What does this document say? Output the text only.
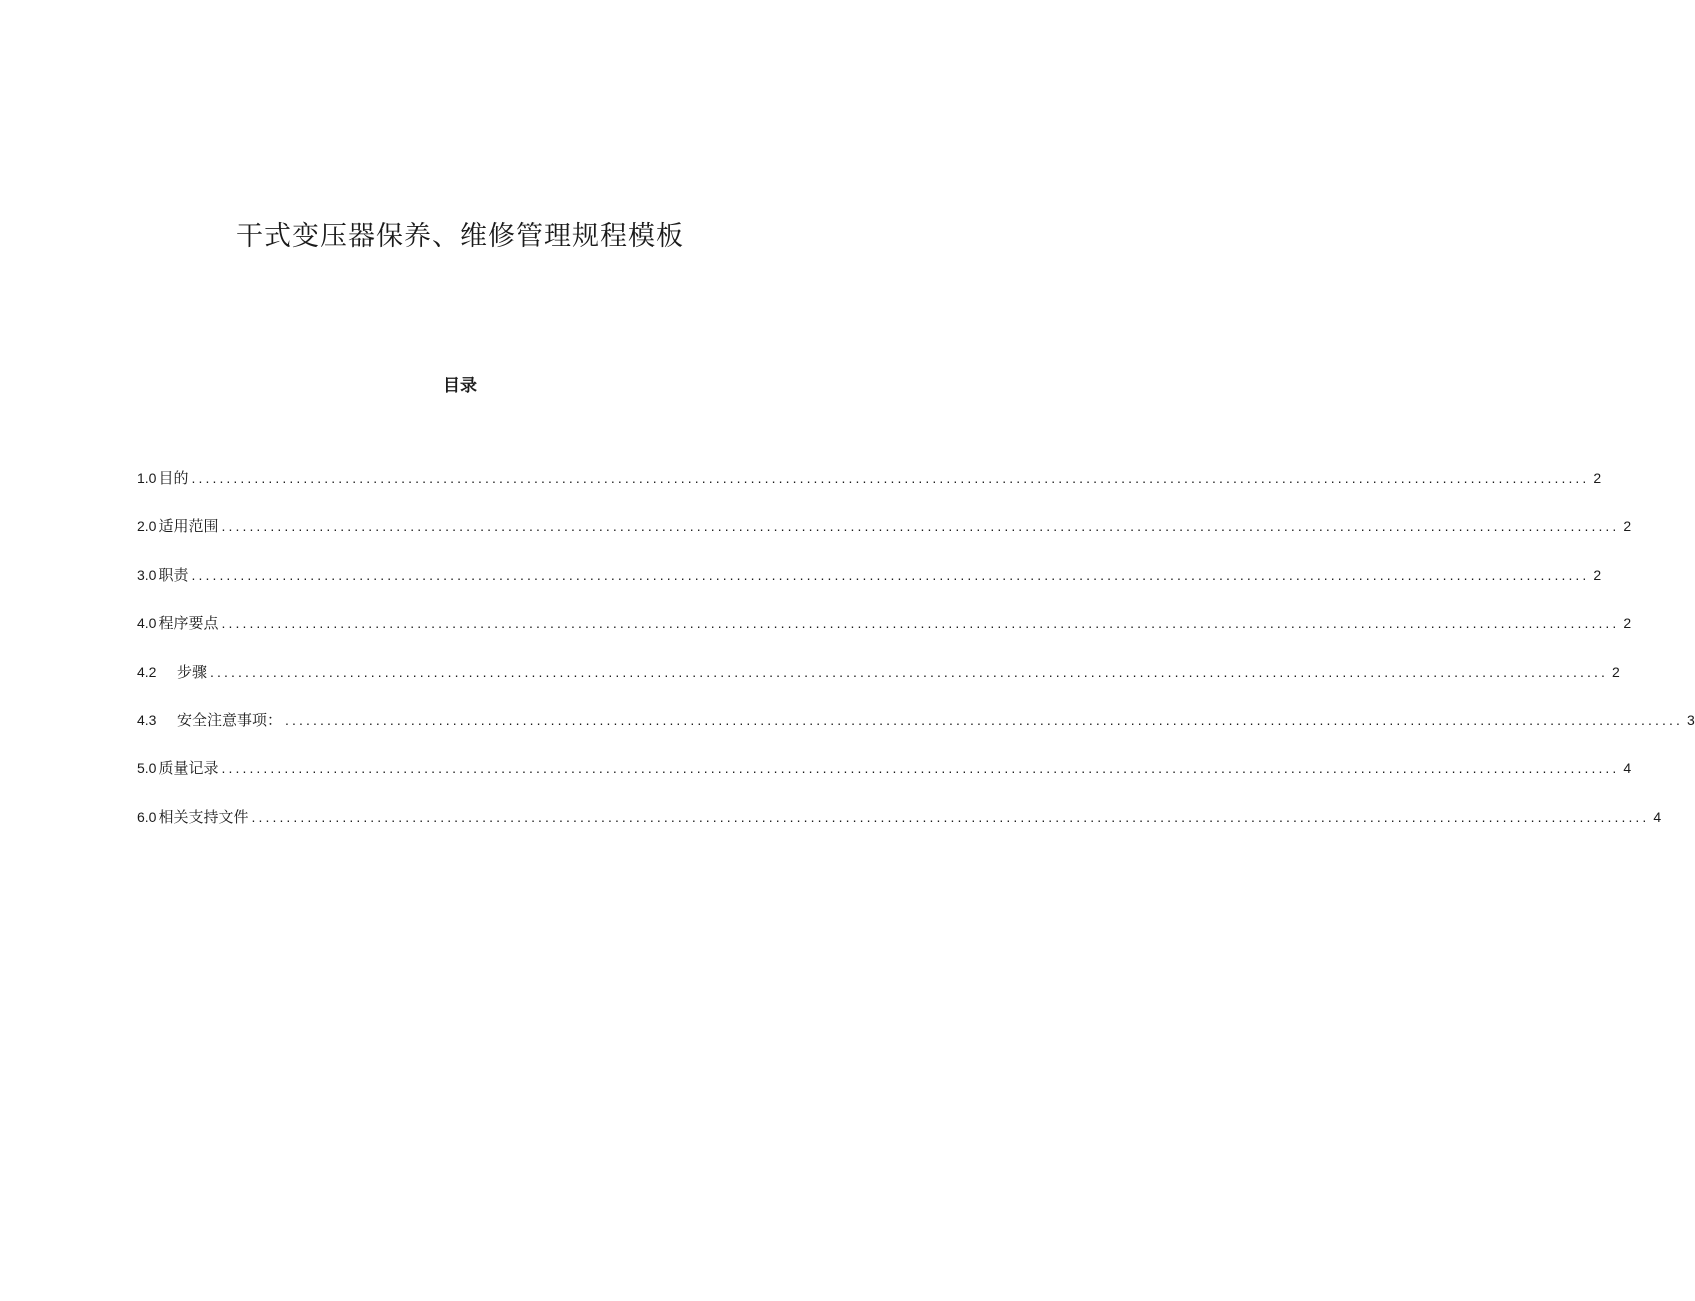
干式变压器保养、维修管理规程模板
目录
1.0 目的 ........................................................................................................................................................................................................ 2
2.0 适用范围 ........................................................................................................................................................................................................ 2
3.0 职责 ........................................................................................................................................................................................................ 2
4.0 程序要点 ........................................................................................................................................................................................................ 2
4.2	步骤 ........................................................................................................................................................................................................ 2
4.3	安全注意事项： ........................................................................................................................................................................................................ 3
5.0 质量记录 ........................................................................................................................................................................................................ 4
6.0 相关支持文件 ........................................................................................................................................................................................................ 4
